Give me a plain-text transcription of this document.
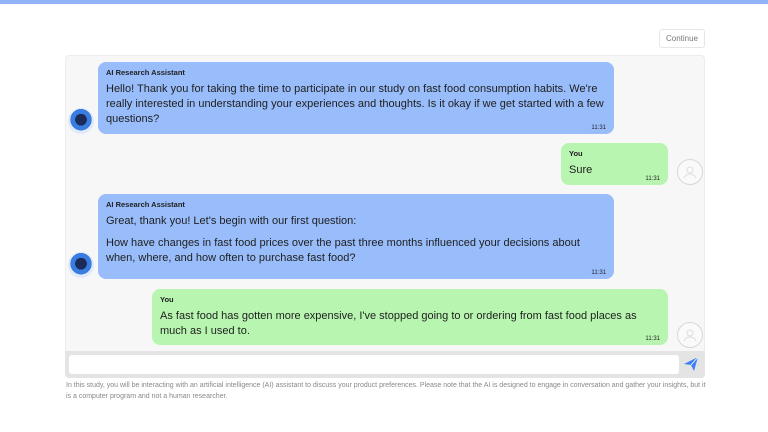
Continue
AI Research Assistant
Hello! Thank you for taking the time to participate in our study on fast food consumption habits. We're really interested in understanding your experiences and thoughts. Is it okay if we get started with a few questions?
11:31
You
Sure
11:31
AI Research Assistant
Great, thank you! Let's begin with our first question:
How have changes in fast food prices over the past three months influenced your decisions about when, where, and how often to purchase fast food?
11:31
You
As fast food has gotten more expensive, I've stopped going to or ordering from fast food places as much as I used to.
11:31
In this study, you will be interacting with an artificial intelligence (AI) assistant to discuss your product preferences. Please note that the AI is designed to engage in conversation and gather your insights, but it is a computer program and not a human researcher.
